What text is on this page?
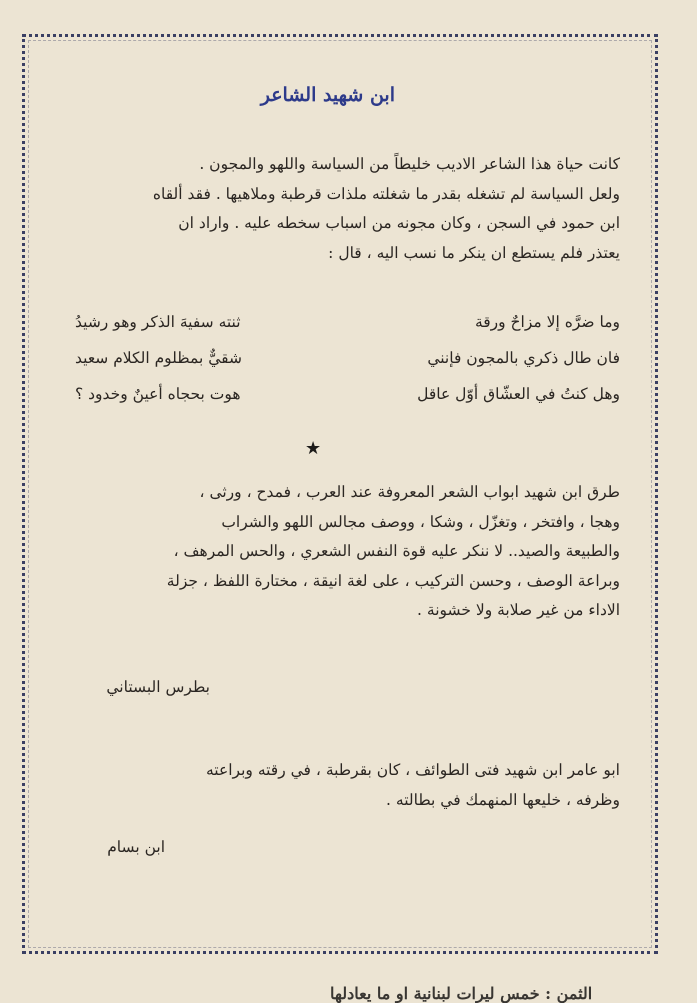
ابن شهيد الشاعر
كانت حياة هذا الشاعر الاديب خليطاً من السياسة واللهو والمجون .
ولعل السياسة لم تشغله بقدر ما شغلته ملذات قرطبة وملاهيها . فقد ألقاه
ابن حمود في السجن ، وكان مجونه من اسباب سخطه عليه . واراد ان
يعتذر فلم يستطع ان ينكر ما نسب اليه ، قال :
وما ضرَّه إلا مزاحٌ ورقة
ثنته سفيهَ الذكر وهو رشيدُ
فان طال ذكري بالمجون فإنني
شقيٌّ بمظلوم الكلام سعيد
وهل كنتُ في العشّاق أوّل عاقل
هوت بحجاه أعينٌ وخدود ؟
★
طرق ابن شهيد ابواب الشعر المعروفة عند العرب ، فمدح ، ورثى ،
وهجا ، وافتخر ، وتغزّل ، وشكا ، ووصف مجالس اللهو والشراب
والطبيعة والصيد.. لا ننكر عليه قوة النفس الشعري ، والحس المرهف ،
وبراعة الوصف ، وحسن التركيب ، على لغة انيقة ، مختارة اللفظ ، جزلة
الاداء من غير صلابة ولا خشونة .
بطرس البستاني
ابو عامر ابن شهيد فتى الطوائف ، كان بقرطبة ، في رقته وبراعته
وظرفه ، خليعها المنهمك في بطالته .
ابن بسام
الثمن : خمس ليرات لبنانية او ما يعادلها
